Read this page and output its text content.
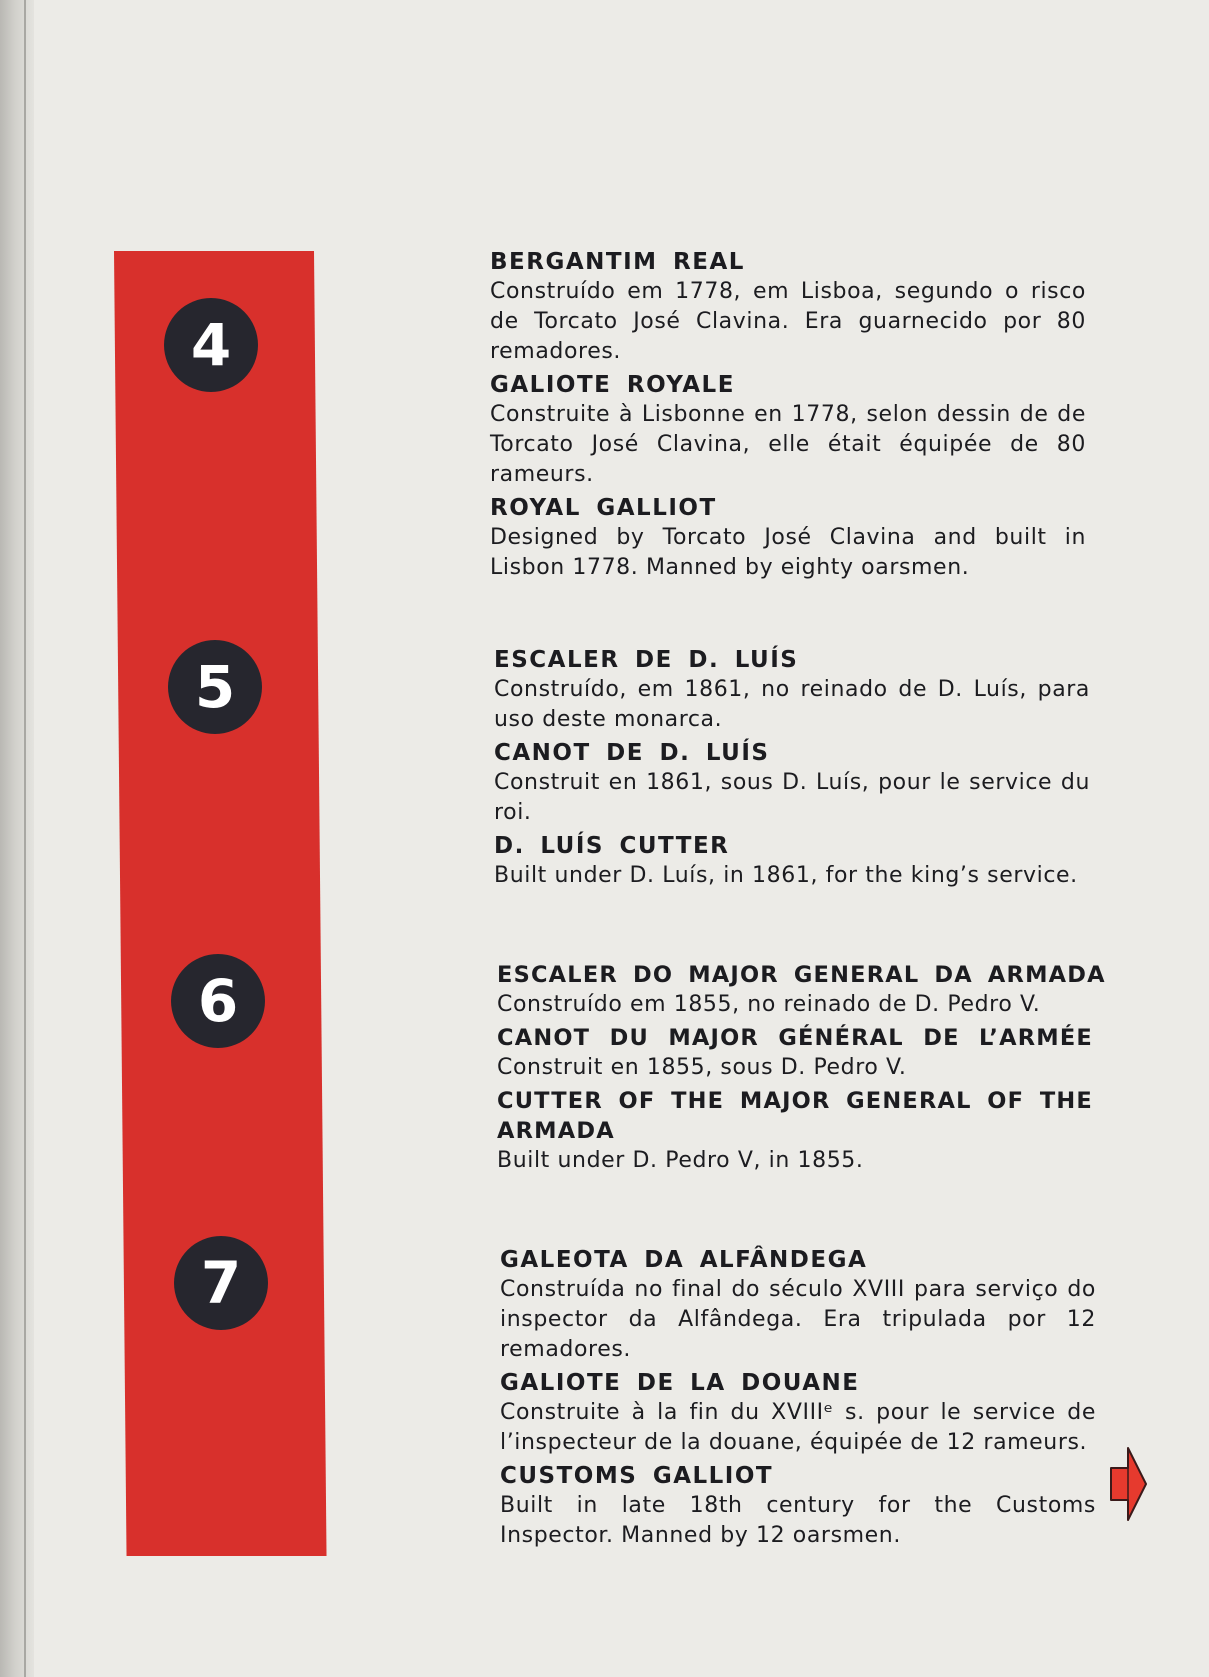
4
5
6
7
BERGANTIM REAL

Construído em 1778, em Lisboa, segundo o risco de Torcato José Clavina. Era guarnecido por 80 remadores.

GALIOTE ROYALE

Construite à Lisbonne en 1778, selon dessin de de Torcato José Clavina, elle était équipée de 80 rameurs.

ROYAL GALLIOT

Designed by Torcato José Clavina and built in Lisbon 1778. Manned by eighty oarsmen.

ESCALER DE D. LUÍS

Construído, em 1861, no reinado de D. Luís, para uso deste monarca.

CANOT DE D. LUÍS

Construit en 1861, sous D. Luís, pour le service du roi.

D. LUÍS CUTTER

Built under D. Luís, in 1861, for the king’s service.

ESCALER DO MAJOR GENERAL DA ARMADA

Construído em 1855, no reinado de D. Pedro V.

CANOT DU MAJOR GÉNÉRAL DE L’ARMÉE

Construit en 1855, sous D. Pedro V.

CUTTER OF THE MAJOR GENERAL OF THE ARMADA

Built under D. Pedro V, in 1855.

GALEOTA DA ALFÂNDEGA

Construída no final do século XVIII para serviço do inspector da Alfândega. Era tripulada por 12 remadores.

GALIOTE DE LA DOUANE

Construite à la fin du XVIIIᵉ s. pour le service de l’inspecteur de la douane, équipée de 12 rameurs.

CUSTOMS GALLIOT

Built in late 18th century for the Customs Inspector. Manned by 12 oarsmen.
